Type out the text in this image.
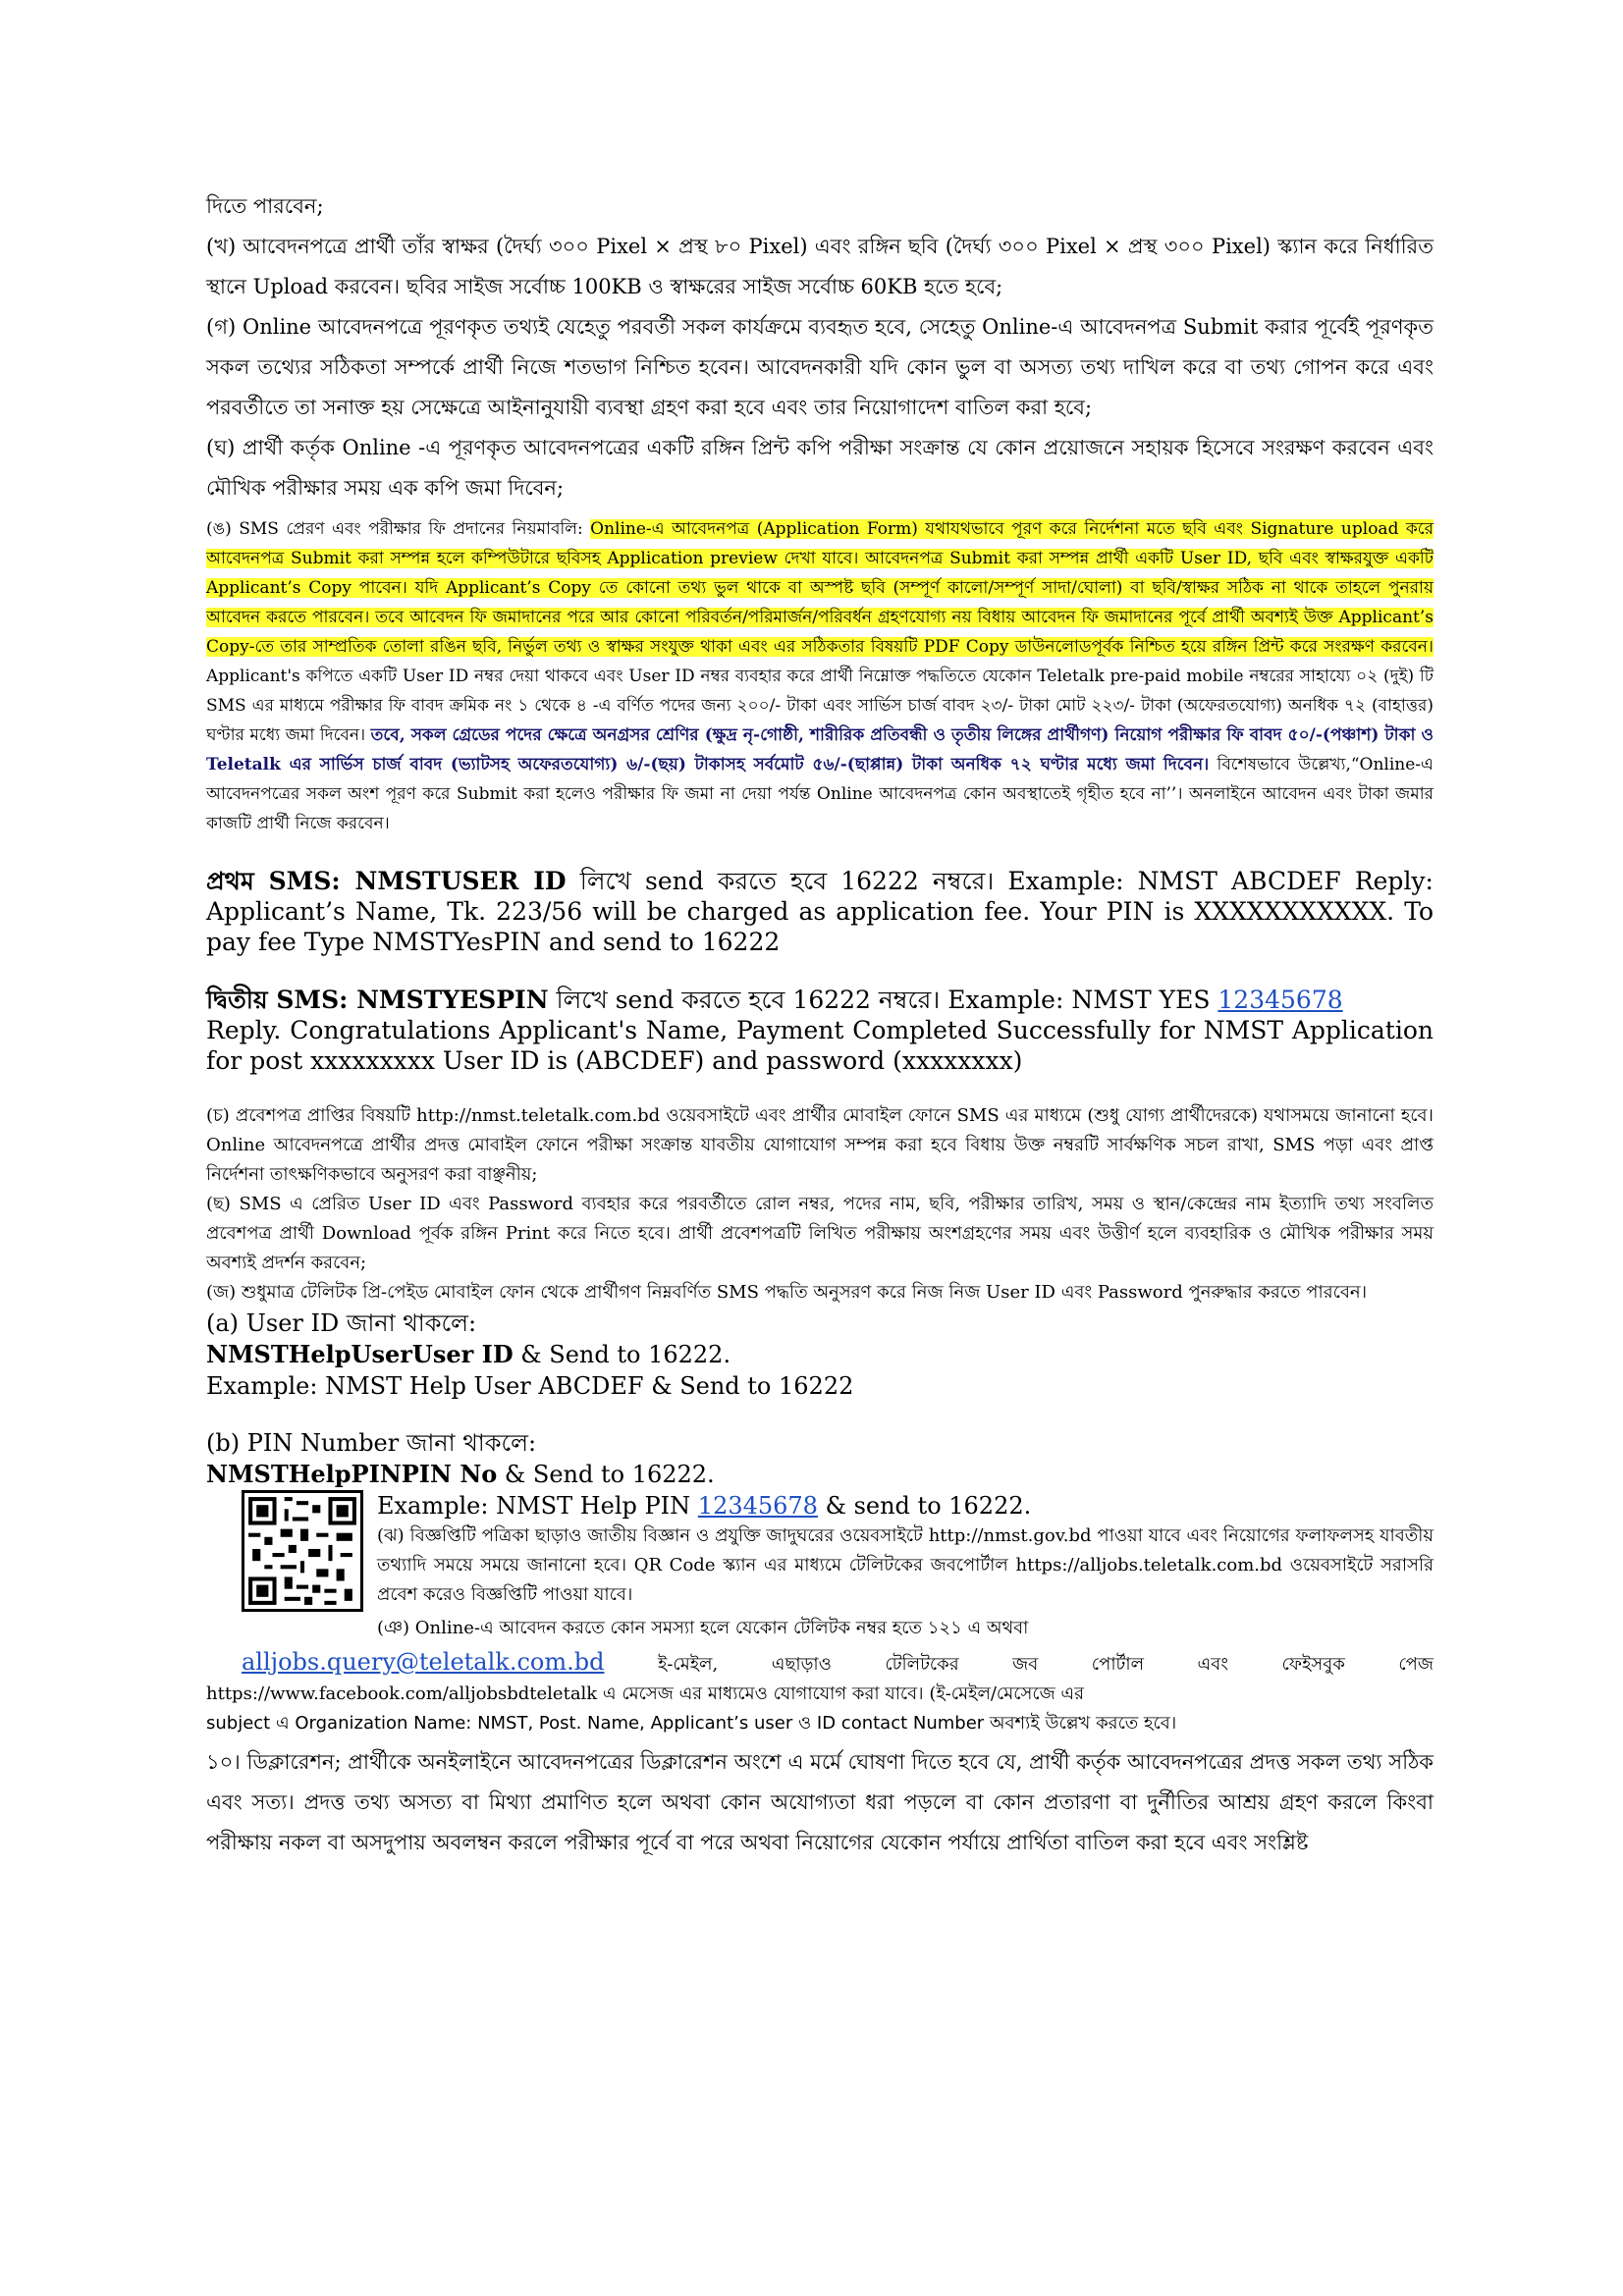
দিতে পারবেন;

(খ) আবেদনপত্রে প্রার্থী তাঁর স্বাক্ষর (দৈর্ঘ্য ৩০০ Pixel × প্রস্থ ৮০ Pixel) এবং রঙ্গিন ছবি (দৈর্ঘ্য ৩০০ Pixel × প্রস্থ ৩০০ Pixel) স্ক্যান করে নির্ধারিত স্থানে Upload করবেন। ছবির সাইজ সর্বোচ্চ 100KB ও স্বাক্ষরের সাইজ সর্বোচ্চ 60KB হতে হবে;

(গ) Online আবেদনপত্রে পূরণকৃত তথ্যই যেহেতু পরবর্তী সকল কার্যক্রমে ব্যবহৃত হবে, সেহেতু Online-এ আবেদনপত্র Submit করার পূর্বেই পূরণকৃত সকল তথ্যের সঠিকতা সম্পর্কে প্রার্থী নিজে শতভাগ নিশ্চিত হবেন। আবেদনকারী যদি কোন ভুল বা অসত্য তথ্য দাখিল করে বা তথ্য গোপন করে এবং পরবর্তীতে তা সনাক্ত হয় সেক্ষেত্রে আইনানুযায়ী ব্যবস্থা গ্রহণ করা হবে এবং তার নিয়োগাদেশ বাতিল করা হবে;

(ঘ) প্রার্থী কর্তৃক Online -এ পূরণকৃত আবেদনপত্রের একটি রঙ্গিন প্রিন্ট কপি পরীক্ষা সংক্রান্ত যে কোন প্রয়োজনে সহায়ক হিসেবে সংরক্ষণ করবেন এবং মৌখিক পরীক্ষার সময় এক কপি জমা দিবেন;

(ঙ) SMS প্রেরণ এবং পরীক্ষার ফি প্রদানের নিয়মাবলি: Online-এ আবেদনপত্র (Application Form) যথাযথভাবে পূরণ করে নির্দেশনা মতে ছবি এবং Signature upload করে আবেদনপত্র Submit করা সম্পন্ন হলে কম্পিউটারে ছবিসহ Application preview দেখা যাবে। আবেদনপত্র Submit করা সম্পন্ন প্রার্থী একটি User ID, ছবি এবং স্বাক্ষরযুক্ত একটি Applicant’s Copy পাবেন। যদি Applicant’s Copy তে কোনো তথ্য ভুল থাকে বা অস্পষ্ট ছবি (সম্পূর্ণ কালো/সম্পূর্ণ সাদা/ঘোলা) বা ছবি/স্বাক্ষর সঠিক না থাকে তাহলে পুনরায় আবেদন করতে পারবেন। তবে আবেদন ফি জমাদানের পরে আর কোনো পরিবর্তন/পরিমার্জন/পরিবর্ধন গ্রহণযোগ্য নয় বিধায় আবেদন ফি জমাদানের পূর্বে প্রার্থী অবশ্যই উক্ত Applicant’s Copy-তে তার সাম্প্রতিক তোলা রঙিন ছবি, নির্ভুল তথ্য ও স্বাক্ষর সংযুক্ত থাকা এবং এর সঠিকতার বিষয়টি PDF Copy ডাউনলোডপূর্বক নিশ্চিত হয়ে রঙ্গিন প্রিন্ট করে সংরক্ষণ করবেন। Applicant's কপিতে একটি User ID নম্বর দেয়া থাকবে এবং User ID নম্বর ব্যবহার করে প্রার্থী নিম্নোক্ত পদ্ধতিতে যেকোন Teletalk pre-paid mobile নম্বরের সাহায্যে ০২ (দুই) টি SMS এর মাধ্যমে পরীক্ষার ফি বাবদ ক্রমিক নং ১ থেকে ৪ -এ বর্ণিত পদের জন্য ২০০/- টাকা এবং সার্ভিস চার্জ বাবদ ২৩/- টাকা মোট ২২৩/- টাকা (অফেরতযোগ্য) অনধিক ৭২ (বাহাত্তর) ঘণ্টার মধ্যে জমা দিবেন। তবে, সকল গ্রেডের পদের ক্ষেত্রে অনগ্রসর শ্রেণির (ক্ষুদ্র নৃ-গোষ্ঠী, শারীরিক প্রতিবন্ধী ও তৃতীয় লিঙ্গের প্রার্থীগণ) নিয়োগ পরীক্ষার ফি বাবদ ৫০/-(পঞ্চাশ) টাকা ও Teletalk এর সার্ভিস চার্জ বাবদ (ভ্যাটসহ অফেরতযোগ্য) ৬/-(ছয়) টাকাসহ সর্বমোট ৫৬/-(ছাপ্পান্ন) টাকা অনধিক ৭২ ঘণ্টার মধ্যে জমা দিবেন। বিশেষভাবে উল্লেখ্য,“Online-এ আবেদনপত্রের সকল অংশ পূরণ করে Submit করা হলেও পরীক্ষার ফি জমা না দেয়া পর্যন্ত Online আবেদনপত্র কোন অবস্থাতেই গৃহীত হবে না’’। অনলাইনে আবেদন এবং টাকা জমার কাজটি প্রার্থী নিজে করবেন।

প্রথম SMS: NMSTUSER ID লিখে send করতে হবে 16222 নম্বরে। Example: NMST ABCDEF Reply: Applicant’s Name, Tk. 223/56 will be charged as application fee. Your PIN is XXXXXXXXXXX. To pay fee Type NMSTYesPIN and send to 16222

দ্বিতীয় SMS: NMSTYESPIN লিখে send করতে হবে 16222 নম্বরে। Example: NMST YES 12345678

Reply. Congratulations Applicant's Name, Payment Completed Successfully for NMST Application for post xxxxxxxxx User ID is (ABCDEF) and password (xxxxxxxx)

(চ) প্রবেশপত্র প্রাপ্তির বিষয়টি http://nmst.teletalk.com.bd ওয়েবসাইটে এবং প্রার্থীর মোবাইল ফোনে SMS এর মাধ্যমে (শুধু যোগ্য প্রার্থীদেরকে) যথাসময়ে জানানো হবে। Online আবেদনপত্রে প্রার্থীর প্রদত্ত মোবাইল ফোনে পরীক্ষা সংক্রান্ত যাবতীয় যোগাযোগ সম্পন্ন করা হবে বিধায় উক্ত নম্বরটি সার্বক্ষণিক সচল রাখা, SMS পড়া এবং প্রাপ্ত নির্দেশনা তাৎক্ষণিকভাবে অনুসরণ করা বাঞ্ছনীয়;

(ছ) SMS এ প্রেরিত User ID এবং Password ব্যবহার করে পরবর্তীতে রোল নম্বর, পদের নাম, ছবি, পরীক্ষার তারিখ, সময় ও স্থান/কেন্দ্রের নাম ইত্যাদি তথ্য সংবলিত প্রবেশপত্র প্রার্থী Download পূর্বক রঙ্গিন Print করে নিতে হবে। প্রার্থী প্রবেশপত্রটি লিখিত পরীক্ষায় অংশগ্রহণের সময় এবং উত্তীর্ণ হলে ব্যবহারিক ও মৌখিক পরীক্ষার সময় অবশ্যই প্রদর্শন করবেন;

(জ) শুধুমাত্র টেলিটক প্রি-পেইড মোবাইল ফোন থেকে প্রার্থীগণ নিম্নবর্ণিত SMS পদ্ধতি অনুসরণ করে নিজ নিজ User ID এবং Password পুনরুদ্ধার করতে পারবেন।

(a) User ID জানা থাকলে:

NMSTHelpUserUser ID & Send to 16222.

Example: NMST Help User ABCDEF & Send to 16222

(b) PIN Number জানা থাকলে:

NMSTHelpPINPIN No & Send to 16222.

Example: NMST Help PIN 12345678 & send to 16222.

(ঝ) বিজ্ঞপ্তিটি পত্রিকা ছাড়াও জাতীয় বিজ্ঞান ও প্রযুক্তি জাদুঘরের ওয়েবসাইটে http://nmst.gov.bd পাওয়া যাবে এবং নিয়োগের ফলাফলসহ যাবতীয় তথ্যাদি সময়ে সময়ে জানানো হবে। QR Code স্ক্যান এর মাধ্যমে টেলিটকের জবপোর্টাল https://alljobs.teletalk.com.bd ওয়েবসাইটে সরাসরি প্রবেশ করেও বিজ্ঞপ্তিটি পাওয়া যাবে।

(ঞ) Online-এ আবেদন করতে কোন সমস্যা হলে যেকোন টেলিটক নম্বর হতে ১২১ এ অথবা

alljobs.query@teletalk.com.bd ই-মেইল, এছাড়াও টেলিটকের জব পোর্টাল এবং ফেইসবুক পেজ https://www.facebook.com/alljobsbdteletalk এ মেসেজ এর মাধ্যমেও যোগাযোগ করা যাবে। (ই-মেইল/মেসেজে এর

subject এ Organization Name: NMST, Post. Name, Applicant’s user ও ID contact Number অবশ্যই উল্লেখ করতে হবে।

১০। ডিক্লারেশন; প্রার্থীকে অনইলাইনে আবেদনপত্রের ডিক্লারেশন অংশে এ মর্মে ঘোষণা দিতে হবে যে, প্রার্থী কর্তৃক আবেদনপত্রের প্রদত্ত সকল তথ্য সঠিক এবং সত্য। প্রদত্ত তথ্য অসত্য বা মিথ্যা প্রমাণিত হলে অথবা কোন অযোগ্যতা ধরা পড়লে বা কোন প্রতারণা বা দুর্নীতির আশ্রয় গ্রহণ করলে কিংবা পরীক্ষায় নকল বা অসদুপায় অবলম্বন করলে পরীক্ষার পূর্বে বা পরে অথবা নিয়োগের যেকোন পর্যায়ে প্রার্থিতা বাতিল করা হবে এবং সংশ্লিষ্ট
